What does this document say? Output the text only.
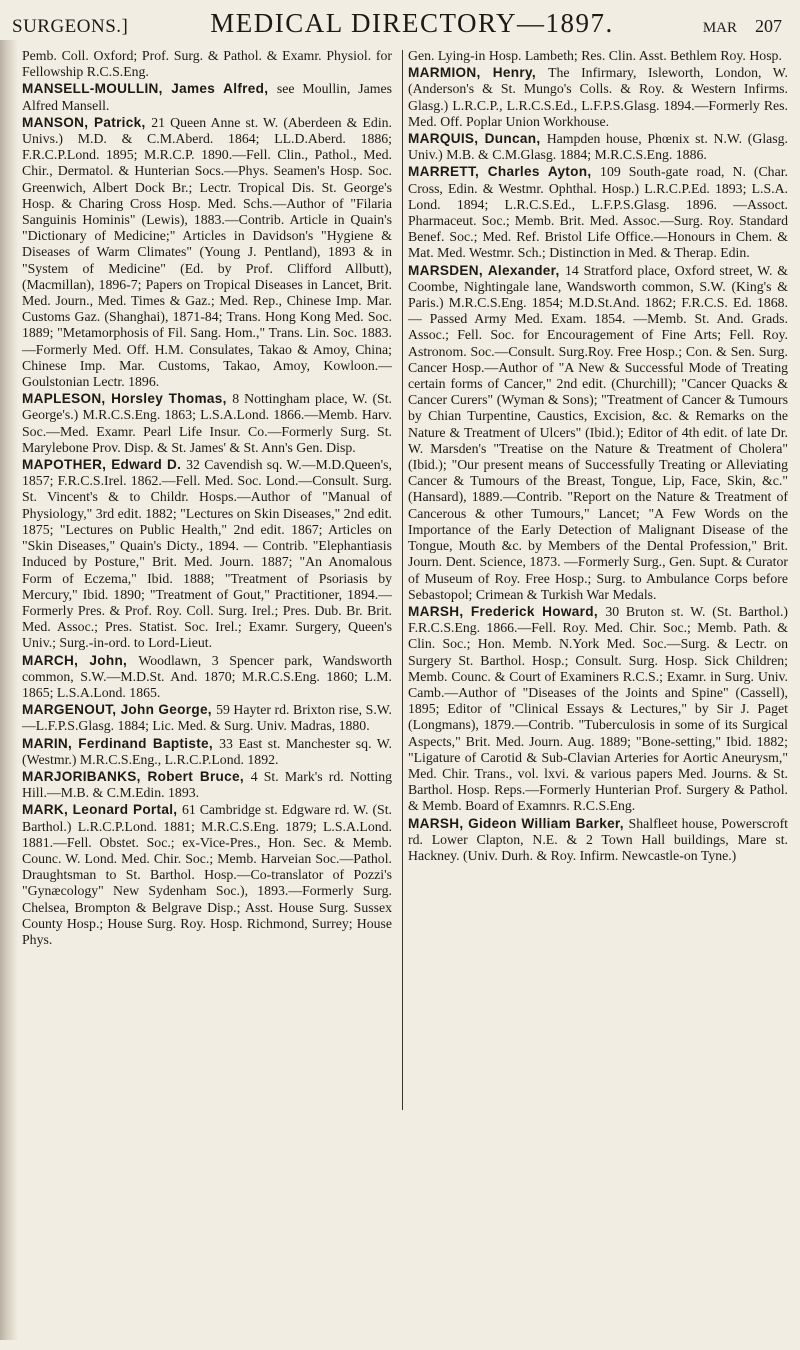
SURGEONS.]	MEDICAL DIRECTORY—1897.	MAR 207

Pemb. Coll. Oxford; Prof. Surg. & Pathol. & Examr. Physiol. for Fellowship R.C.S.Eng.

MANSELL-MOULLIN, James Alfred, see Moullin, James Alfred Mansell.

MANSON, Patrick, 21 Queen Anne st. W. (Aberdeen & Edin. Univs.) M.D. & C.M.Aberd. 1864; LL.D.Aberd. 1886; F.R.C.P.Lond. 1895; M.R.C.P. 1890.—Fell. Clin., Pathol., Med. Chir., Dermatol. & Hunterian Socs.—Phys. Seamen's Hosp. Soc. Greenwich, Albert Dock Br.; Lectr. Tropical Dis. St. George's Hosp. & Charing Cross Hosp. Med. Schs.—Author of "Filaria Sanguinis Hominis" (Lewis), 1883.—Contrib. Article in Quain's "Dictionary of Medicine;" Articles in Davidson's "Hygiene & Diseases of Warm Climates" (Young J. Pentland), 1893 & in "System of Medicine" (Ed. by Prof. Clifford Allbutt), (Macmillan), 1896-7; Papers on Tropical Diseases in Lancet, Brit. Med. Journ., Med. Times & Gaz.; Med. Rep., Chinese Imp. Mar. Customs Gaz. (Shanghai), 1871-84; Trans. Hong Kong Med. Soc. 1889; "Metamorphosis of Fil. Sang. Hom.," Trans. Lin. Soc. 1883.—Formerly Med. Off. H.M. Consulates, Takao & Amoy, China; Chinese Imp. Mar. Customs, Takao, Amoy, Kowloon.—Goulstonian Lectr. 1896.

MAPLESON, Horsley Thomas, 8 Nottingham place, W. (St. George's.) M.R.C.S.Eng. 1863; L.S.A.Lond. 1866.—Memb. Harv. Soc.—Med. Examr. Pearl Life Insur. Co.—Formerly Surg. St. Marylebone Prov. Disp. & St. James' & St. Ann's Gen. Disp.

MAPOTHER, Edward D. 32 Cavendish sq. W.—M.D.Queen's, 1857; F.R.C.S.Irel. 1862.—Fell. Med. Soc. Lond.—Consult. Surg. St. Vincent's & to Childr. Hosps.—Author of "Manual of Physiology," 3rd edit. 1882; "Lectures on Skin Diseases," 2nd edit. 1875; "Lectures on Public Health," 2nd edit. 1867; Articles on "Skin Diseases," Quain's Dicty., 1894. — Contrib. "Elephantiasis Induced by Posture," Brit. Med. Journ. 1887; "An Anomalous Form of Eczema," Ibid. 1888; "Treatment of Psoriasis by Mercury," Ibid. 1890; "Treatment of Gout," Practitioner, 1894.—Formerly Pres. & Prof. Roy. Coll. Surg. Irel.; Pres. Dub. Br. Brit. Med. Assoc.; Pres. Statist. Soc. Irel.; Examr. Surgery, Queen's Univ.; Surg.-in-ord. to Lord-Lieut.

MARCH, John, Woodlawn, 3 Spencer park, Wandsworth common, S.W.—M.D.St. And. 1870; M.R.C.S.Eng. 1860; L.M. 1865; L.S.A.Lond. 1865.

MARGENOUT, John George, 59 Hayter rd. Brixton rise, S.W.—L.F.P.S.Glasg. 1884; Lic. Med. & Surg. Univ. Madras, 1880.

MARIN, Ferdinand Baptiste, 33 East st. Manchester sq. W. (Westmr.) M.R.C.S.Eng., L.R.C.P.Lond. 1892.

MARJORIBANKS, Robert Bruce, 4 St. Mark's rd. Notting Hill.—M.B. & C.M.Edin. 1893.

MARK, Leonard Portal, 61 Cambridge st. Edgware rd. W. (St. Barthol.) L.R.C.P.Lond. 1881; M.R.C.S.Eng. 1879; L.S.A.Lond. 1881.—Fell. Obstet. Soc.; ex-Vice-Pres., Hon. Sec. & Memb. Counc. W. Lond. Med. Chir. Soc.; Memb. Harveian Soc.—Pathol. Draughtsman to St. Barthol. Hosp.—Co-translator of Pozzi's "Gynæcology" New Sydenham Soc.), 1893.—Formerly Surg. Chelsea, Brompton & Belgrave Disp.; Asst. House Surg. Sussex County Hosp.; House Surg. Roy. Hosp. Richmond, Surrey; House Phys.

Gen. Lying-in Hosp. Lambeth; Res. Clin. Asst. Bethlem Roy. Hosp.

MARMION, Henry, The Infirmary, Isleworth, London, W. (Anderson's & St. Mungo's Colls. & Roy. & Western Infirms. Glasg.) L.R.C.P., L.R.C.S.Ed., L.F.P.S.Glasg. 1894.—Formerly Res. Med. Off. Poplar Union Workhouse.

MARQUIS, Duncan, Hampden house, Phœnix st. N.W. (Glasg. Univ.) M.B. & C.M.Glasg. 1884; M.R.C.S.Eng. 1886.

MARRETT, Charles Ayton, 109 South-gate road, N. (Char. Cross, Edin. & Westmr. Ophthal. Hosp.) L.R.C.P.Ed. 1893; L.S.A. Lond. 1894; L.R.C.S.Ed., L.F.P.S.Glasg. 1896. —Assoct. Pharmaceut. Soc.; Memb. Brit. Med. Assoc.—Surg. Roy. Standard Benef. Soc.; Med. Ref. Bristol Life Office.—Honours in Chem. & Mat. Med. Westmr. Sch.; Distinction in Med. & Therap. Edin.

MARSDEN, Alexander, 14 Stratford place, Oxford street, W. & Coombe, Nightingale lane, Wandsworth common, S.W. (King's & Paris.) M.R.C.S.Eng. 1854; M.D.St.And. 1862; F.R.C.S. Ed. 1868. — Passed Army Med. Exam. 1854. —Memb. St. And. Grads. Assoc.; Fell. Soc. for Encouragement of Fine Arts; Fell. Roy. Astronom. Soc.—Consult. Surg.Roy. Free Hosp.; Con. & Sen. Surg. Cancer Hosp.—Author of "A New & Successful Mode of Treating certain forms of Cancer," 2nd edit. (Churchill); "Cancer Quacks & Cancer Curers" (Wyman & Sons); "Treatment of Cancer & Tumours by Chian Turpentine, Caustics, Excision, &c. & Remarks on the Nature & Treatment of Ulcers" (Ibid.); Editor of 4th edit. of late Dr. W. Marsden's "Treatise on the Nature & Treatment of Cholera" (Ibid.); "Our present means of Successfully Treating or Alleviating Cancer & Tumours of the Breast, Tongue, Lip, Face, Skin, &c." (Hansard), 1889.—Contrib. "Report on the Nature & Treatment of Cancerous & other Tumours," Lancet; "A Few Words on the Importance of the Early Detection of Malignant Disease of the Tongue, Mouth &c. by Members of the Dental Profession," Brit. Journ. Dent. Science, 1873. —Formerly Surg., Gen. Supt. & Curator of Museum of Roy. Free Hosp.; Surg. to Ambulance Corps before Sebastopol; Crimean & Turkish War Medals.

MARSH, Frederick Howard, 30 Bruton st. W. (St. Barthol.) F.R.C.S.Eng. 1866.—Fell. Roy. Med. Chir. Soc.; Memb. Path. & Clin. Soc.; Hon. Memb. N.York Med. Soc.—Surg. & Lectr. on Surgery St. Barthol. Hosp.; Consult. Surg. Hosp. Sick Children; Memb. Counc. & Court of Examiners R.C.S.; Examr. in Surg. Univ. Camb.—Author of "Diseases of the Joints and Spine" (Cassell), 1895; Editor of "Clinical Essays & Lectures," by Sir J. Paget (Longmans), 1879.—Contrib. "Tuberculosis in some of its Surgical Aspects," Brit. Med. Journ. Aug. 1889; "Bone-setting," Ibid. 1882; "Ligature of Carotid & Sub-Clavian Arteries for Aortic Aneurysm," Med. Chir. Trans., vol. lxvi. & various papers Med. Journs. & St. Barthol. Hosp. Reps.—Formerly Hunterian Prof. Surgery & Pathol. & Memb. Board of Examnrs. R.C.S.Eng.

MARSH, Gideon William Barker, Shalfleet house, Powerscroft rd. Lower Clapton, N.E. & 2 Town Hall buildings, Mare st. Hackney. (Univ. Durh. & Roy. Infirm. Newcastle-on Tyne.)
